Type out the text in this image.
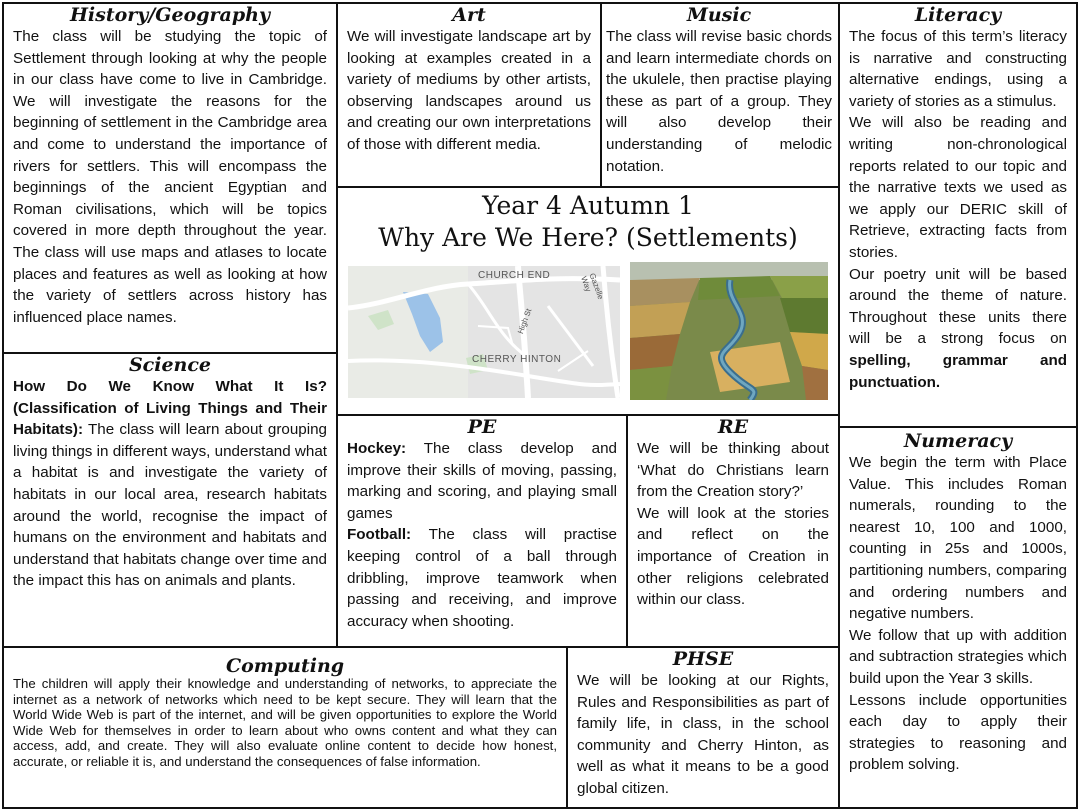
History/Geography

The class will be studying the topic of Settlement through looking at why the people in our class have come to live in Cambridge. We will investigate the reasons for the beginning of settlement in the Cambridge area and come to understand the importance of rivers for settlers. This will encompass the beginnings of the ancient Egyptian and Roman civilisations, which will be topics covered in more depth throughout the year. The class will use maps and atlases to locate places and features as well as looking at how the variety of settlers across history has influenced place names.

Art

We will investigate landscape art by looking at examples created in a variety of mediums by other artists, observing landscapes around us and creating our own interpretations of those with different media.

Music

The class will revise basic chords and learn intermediate chords on the ukulele, then practise playing these as part of a group. They will also develop their understanding of melodic notation.

Literacy

The focus of this term’s literacy is narrative and constructing alternative endings, using a variety of stories as a stimulus.

We will also be reading and writing non-chronological reports related to our topic and the narrative texts we used as we apply our DERIC skill of Retrieve, extracting facts from stories.

Our poetry unit will be based around the theme of nature. Throughout these units there will be a strong focus on spelling, grammar and punctuation.

Year 4 Autumn 1
Why Are We Here? (Settlements)
CHURCH END
CHERRY HINTON
High St
Gazelle Way
Science

How Do We Know What It Is? (Classification of Living Things and Their Habitats): The class will learn about grouping living things in different ways, understand what a habitat is and investigate the variety of habitats in our local area, research habitats around the world, recognise the impact of humans on the environment and habitats and understand that habitats change over time and the impact this has on animals and plants.

PE

Hockey: The class develop and improve their skills of moving, passing, marking and scoring, and playing small games

Football: The class will practise keeping control of a ball through dribbling, improve teamwork when passing and receiving, and improve accuracy when shooting.

RE

We will be thinking about ‘What do Christians learn from the Creation story?’

We will look at the stories and reflect on the importance of Creation in other religions celebrated within our class.

Numeracy

We begin the term with Place Value. This includes Roman numerals, rounding to the nearest 10, 100 and 1000, counting in 25s and 1000s, partitioning numbers, comparing and ordering numbers and negative numbers.

We follow that up with addition and subtraction strategies which build upon the Year 3 skills.

Lessons include opportunities each day to apply their strategies to reasoning and problem solving.

Computing

The children will apply their knowledge and understanding of networks, to appreciate the internet as a network of networks which need to be kept secure. They will learn that the World Wide Web is part of the internet, and will be given opportunities to explore the World Wide Web for themselves in order to learn about who owns content and what they can access, add, and create. They will also evaluate online content to decide how honest, accurate, or reliable it is, and understand the consequences of false information.

PHSE

We will be looking at our Rights, Rules and Responsibilities as part of family life, in class, in the school community and Cherry Hinton, as well as what it means to be a good global citizen.
